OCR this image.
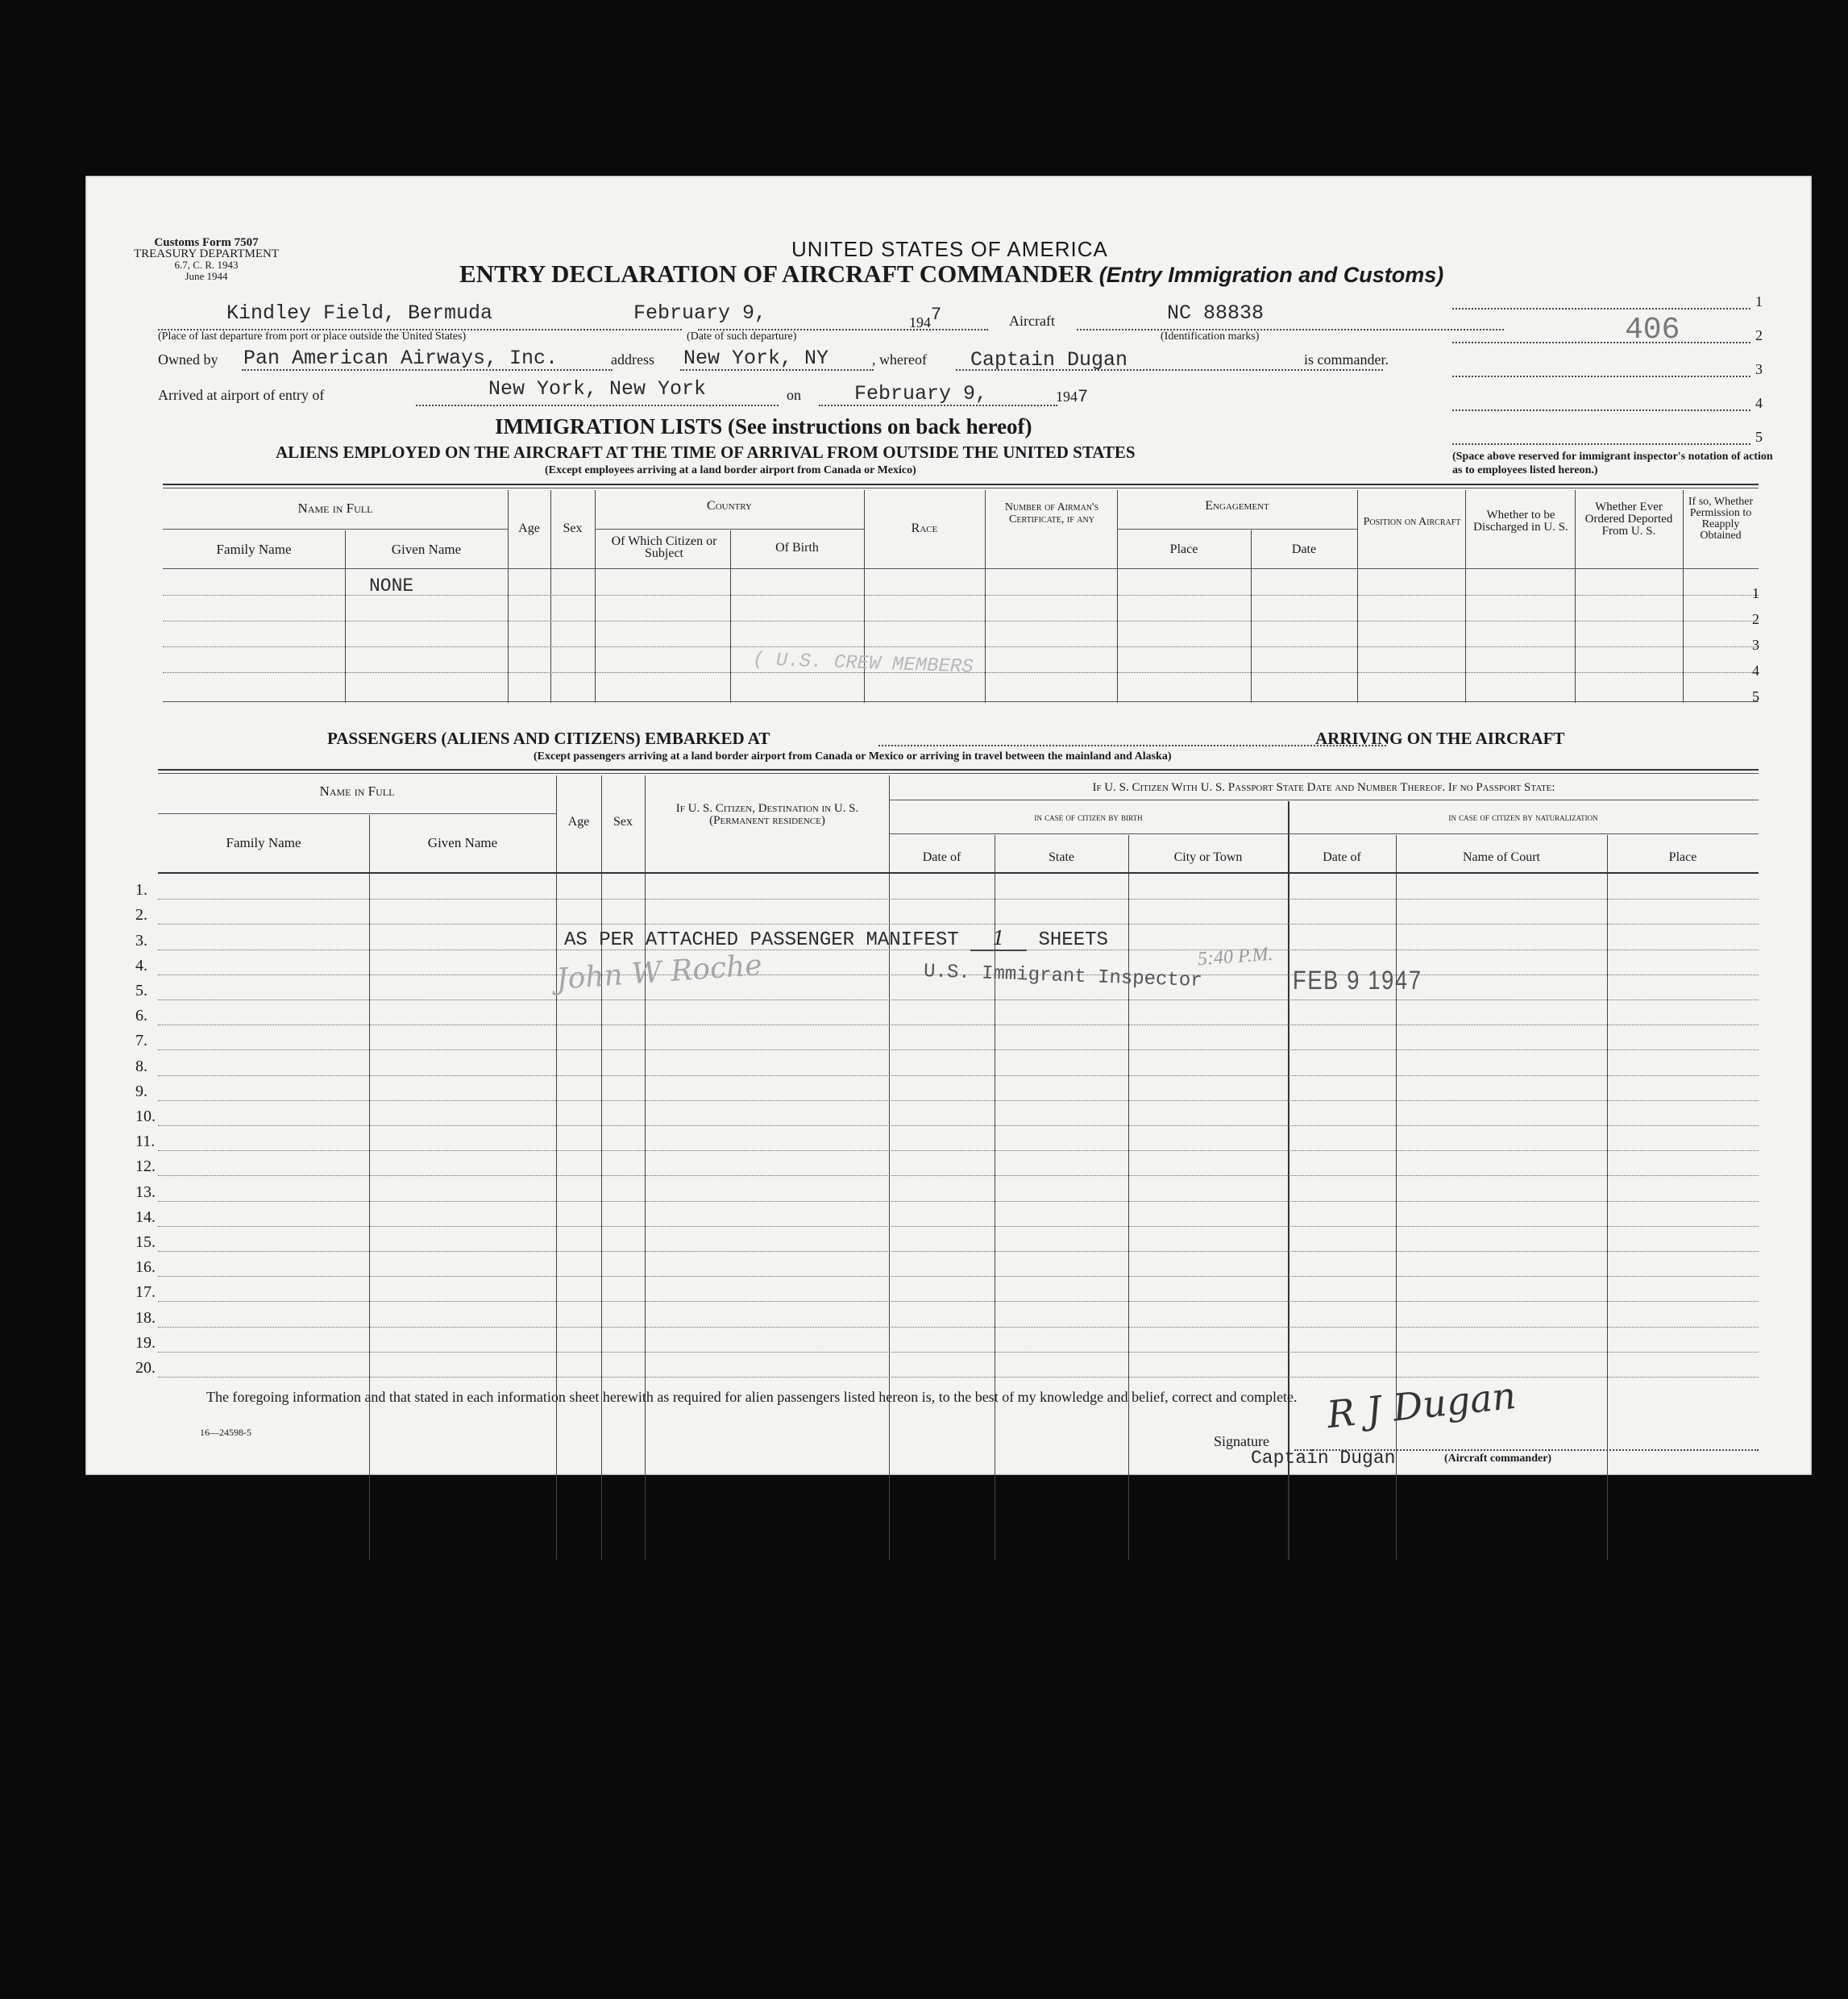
Customs Form 7507
TREASURY DEPARTMENT
6.7, C. R. 1943
June 1944
UNITED STATES OF AMERICA
ENTRY DECLARATION OF AIRCRAFT COMMANDER (Entry Immigration and Customs)
Kindley Field, Bermuda
(Place of last departure from port or place outside the United States)
February 9,
(Date of such departure)
1947	Aircraft	NC 88838
(Identification marks)
Owned by Pan American Airways, Inc.	address New York, NY	, whereof Captain Dugan	is commander.
Arrived at airport of entry of	New York, New York	on	February 9,	1947
1
2
3
4
5
406
(Space above reserved for immigrant inspector's notation of action as to employees listed hereon.)
IMMIGRATION LISTS (See instructions on back hereof)
ALIENS EMPLOYED ON THE AIRCRAFT AT THE TIME OF ARRIVAL FROM OUTSIDE THE UNITED STATES
(Except employees arriving at a land border airport from Canada or Mexico)
Name in Full
Family Name	Given Name
Age	Sex
Country
Of Which Citizen or Subject	Of Birth
Race
Number of Airman's Certificate, if any
Engagement
Place	Date
Position on Aircraft
Whether to be Discharged in U. S.
Whether Ever Ordered Deported From U. S.
If so, Whether Permission to Reapply Obtained
NONE
( U.S. CREW MEMBERS
1
2
3
4
5
PASSENGERS (ALIENS AND CITIZENS) EMBARKED AT	ARRIVING ON THE AIRCRAFT
(Except passengers arriving at a land border airport from Canada or Mexico or arriving in travel between the mainland and Alaska)
Name in Full
Family Name	Given Name
Age	Sex
If U. S. Citizen, Destination in U. S. (Permanent residence)
If U. S. Citizen With U. S. Passport State Date and Number Thereof. If no Passport State:
in case of citizen by birth	in case of citizen by naturalization
Date of	State	City or Town	Date of	Name of Court	Place
1.
2.
3.
4.
5.
6.
7.
8.
9.
10.
11.
12.
13.
14.
15.
16.
17.
18.
19.
20.
AS PER ATTACHED PASSENGER MANIFEST 1 SHEETS
John W Roche	U.S. Immigrant Inspector
5:40 P.M.
FEB 9 1947
The foregoing information and that stated in each information sheet herewith as required for alien passengers listed hereon is, to the best of my knowledge and belief, correct and complete.
16—24598-5
Signature
R J Dugan
Captain Dugan	(Aircraft commander)
